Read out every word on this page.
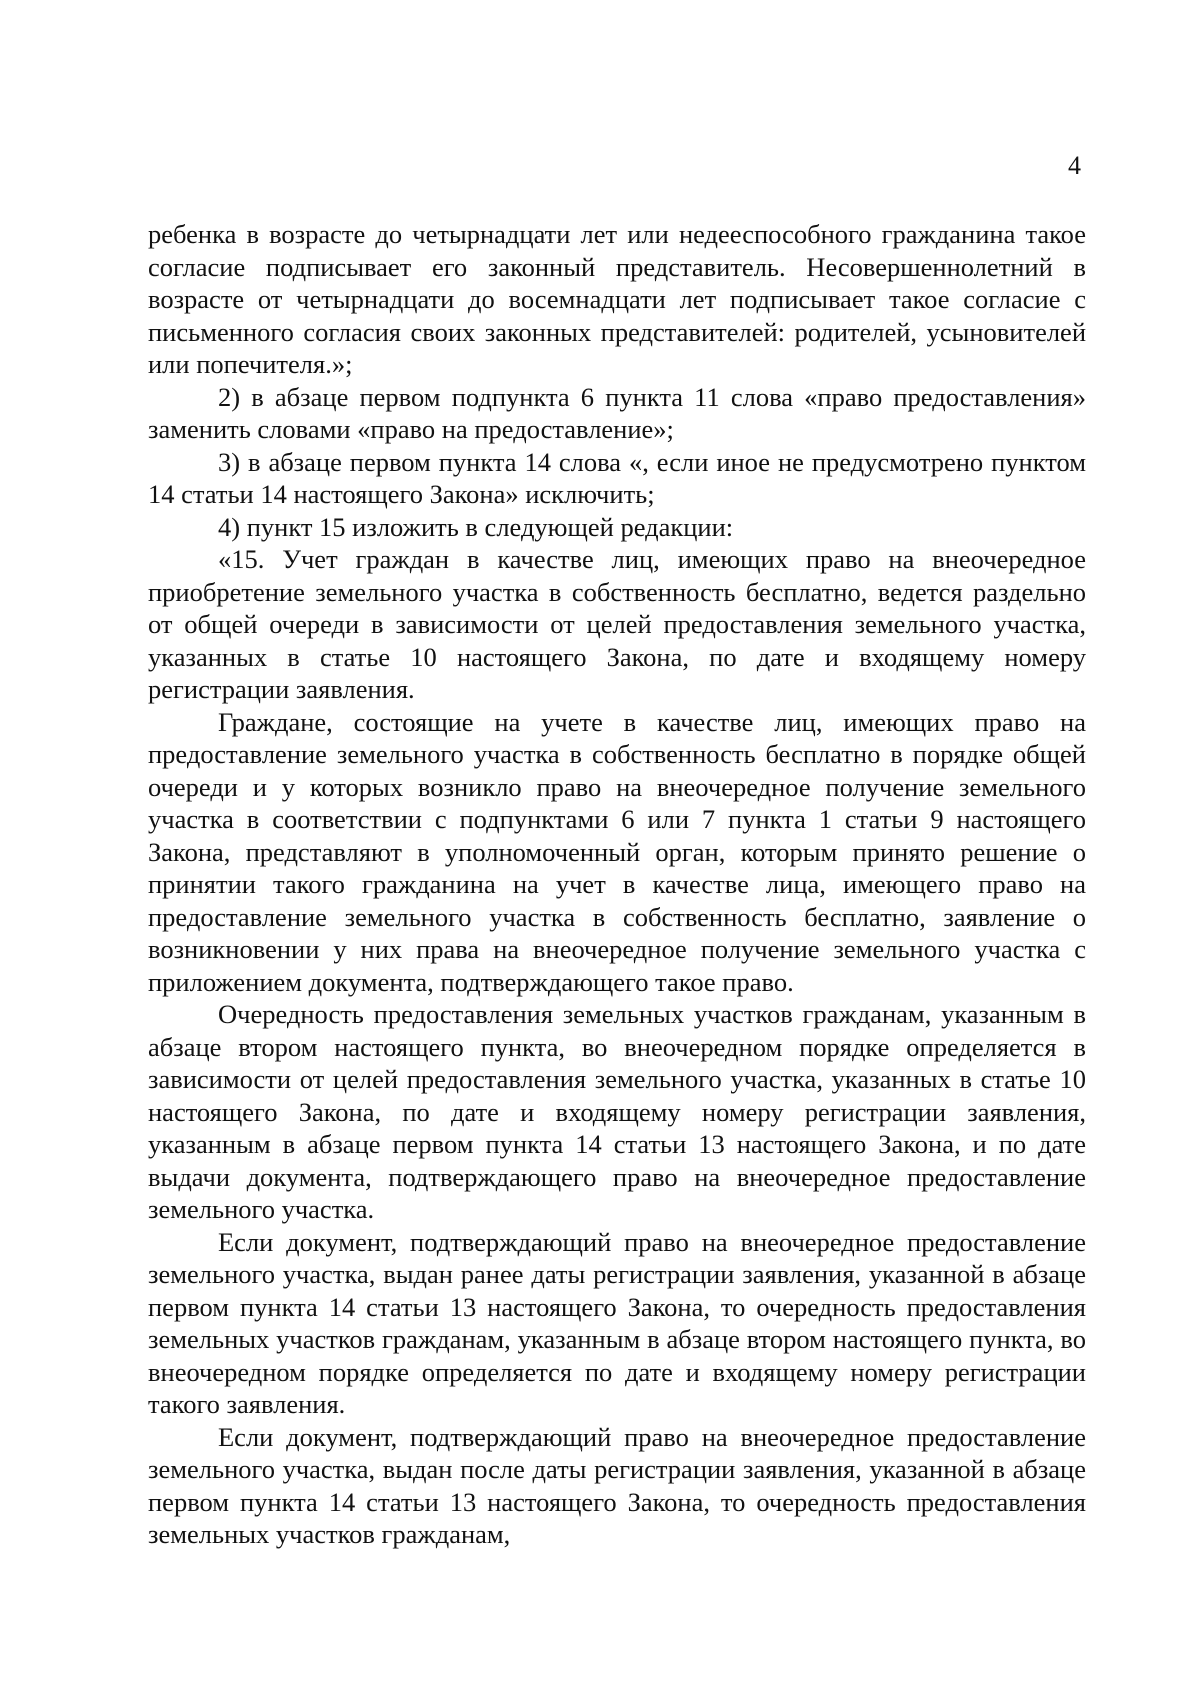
4

ребенка в возрасте до четырнадцати лет или недееспособного гражданина такое согласие подписывает его законный представитель. Несовершеннолетний в возрасте от четырнадцати до восемнадцати лет подписывает такое согласие с письменного согласия своих законных представителей: родителей, усыновителей или попечителя.»;

2) в абзаце первом подпункта 6 пункта 11 слова «право предоставления» заменить словами «право на предоставление»;

3) в абзаце первом пункта 14 слова «, если иное не предусмотрено пунктом 14 статьи 14 настоящего Закона» исключить;

4) пункт 15 изложить в следующей редакции:

«15. Учет граждан в качестве лиц, имеющих право на внеочередное приобретение земельного участка в собственность бесплатно, ведется раздельно от общей очереди в зависимости от целей предоставления земельного участка, указанных в статье 10 настоящего Закона, по дате и входящему номеру регистрации заявления.

Граждане, состоящие на учете в качестве лиц, имеющих право на предоставление земельного участка в собственность бесплатно в порядке общей очереди и у которых возникло право на внеочередное получение земельного участка в соответствии с подпунктами 6 или 7 пункта 1 статьи 9 настоящего Закона, представляют в уполномоченный орган, которым принято решение о принятии такого гражданина на учет в качестве лица, имеющего право на предоставление земельного участка в собственность бесплатно, заявление о возникновении у них права на внеочередное получение земельного участка с приложением документа, подтверждающего такое право.

Очередность предоставления земельных участков гражданам, указанным в абзаце втором настоящего пункта, во внеочередном порядке определяется в зависимости от целей предоставления земельного участка, указанных в статье 10 настоящего Закона, по дате и входящему номеру регистрации заявления, указанным в абзаце первом пункта 14 статьи 13 настоящего Закона, и по дате выдачи документа, подтверждающего право на внеочередное предоставление земельного участка.

Если документ, подтверждающий право на внеочередное предоставление земельного участка, выдан ранее даты регистрации заявления, указанной в абзаце первом пункта 14 статьи 13 настоящего Закона, то очередность предоставления земельных участков гражданам, указанным в абзаце втором настоящего пункта, во внеочередном порядке определяется по дате и входящему номеру регистрации такого заявления.

Если документ, подтверждающий право на внеочередное предоставление земельного участка, выдан после даты регистрации заявления, указанной в абзаце первом пункта 14 статьи 13 настоящего Закона, то очередность предоставления земельных участков гражданам,
